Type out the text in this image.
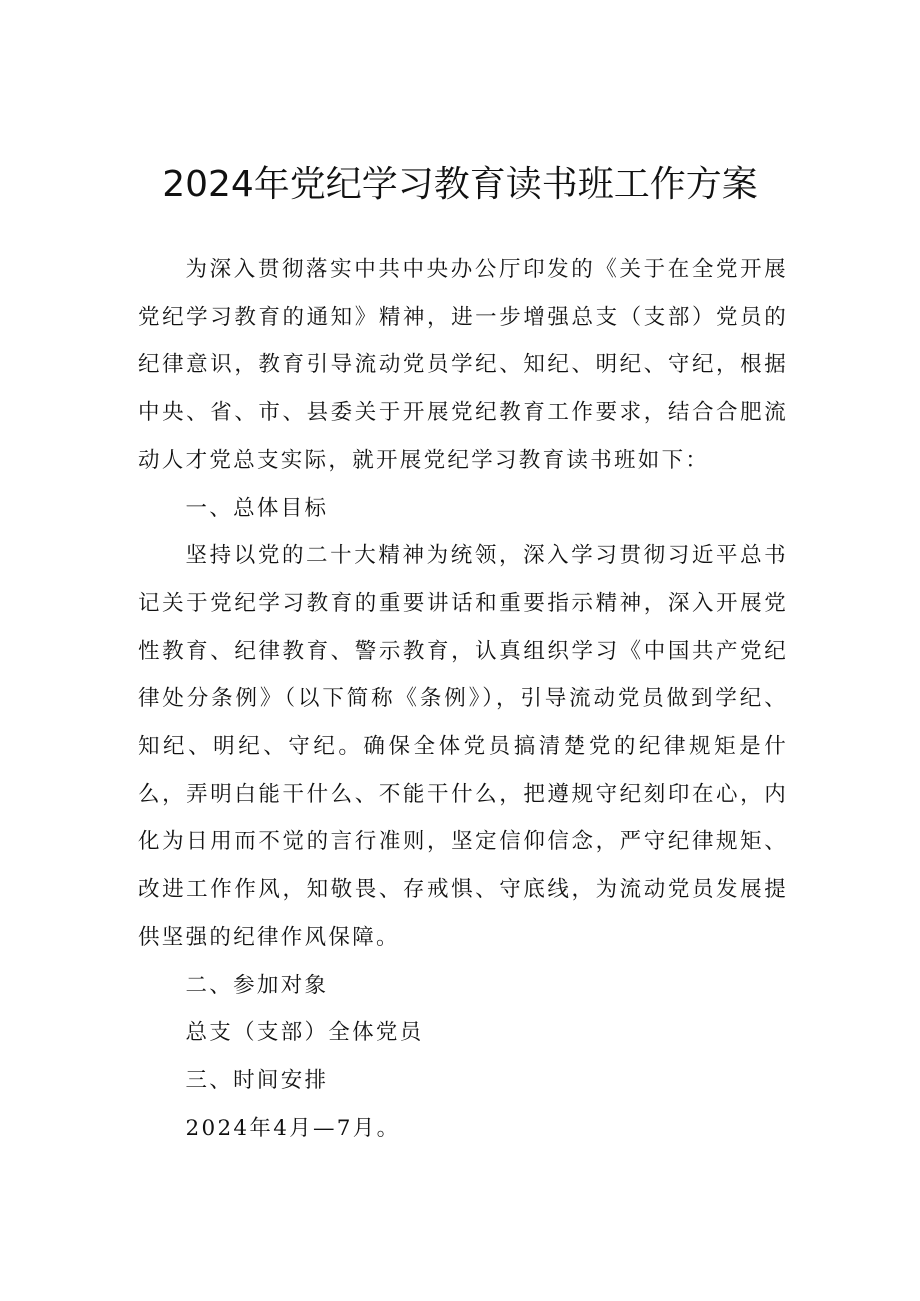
2024年党纪学习教育读书班工作方案

为深入贯彻落实中共中央办公厅印发的《关于在全党开展党纪学习教育的通知》精神，进一步增强总支（支部）党员的纪律意识，教育引导流动党员学纪、知纪、明纪、守纪，根据中央、省、市、县委关于开展党纪教育工作要求，结合合肥流动人才党总支实际，就开展党纪学习教育读书班如下：

一、总体目标

坚持以党的二十大精神为统领，深入学习贯彻习近平总书记关于党纪学习教育的重要讲话和重要指示精神，深入开展党性教育、纪律教育、警示教育，认真组织学习《中国共产党纪律处分条例》（以下简称《条例》），引导流动党员做到学纪、知纪、明纪、守纪。确保全体党员搞清楚党的纪律规矩是什么，弄明白能干什么、不能干什么，把遵规守纪刻印在心，内化为日用而不觉的言行准则，坚定信仰信念，严守纪律规矩、改进工作作风，知敬畏、存戒惧、守底线，为流动党员发展提供坚强的纪律作风保障。

二、参加对象

总支（支部）全体党员

三、时间安排

2024年4月—7月。
